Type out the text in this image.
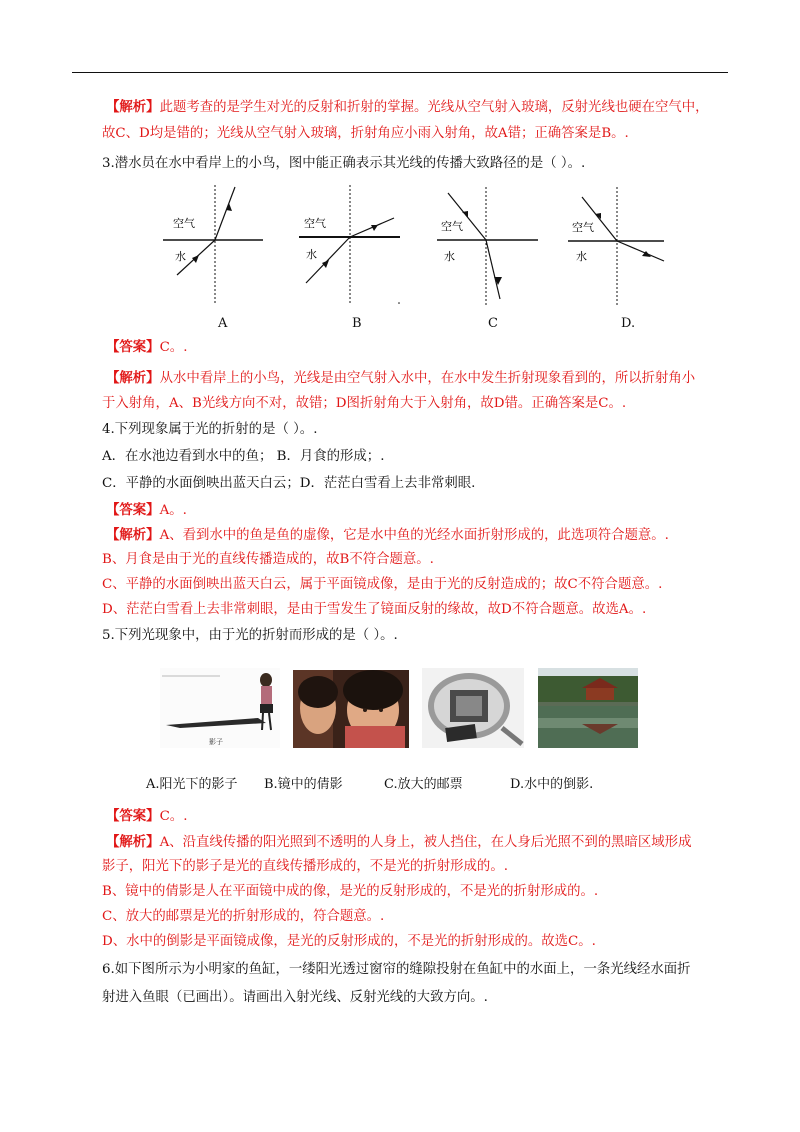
【解析】此题考查的是学生对光的反射和折射的掌握。光线从空气射入玻璃，反射光线也硬在空气中，
故C、D均是错的；光线从空气射入玻璃，折射角应小雨入射角，故A错；正确答案是B。.
3.潜水员在水中看岸上的小鸟，图中能正确表示其光线的传播大致路径的是（ ）。.
空气
水
A
空气
水
B
空气
水
C
空气
水
D.
【答案】C。.
【解析】从水中看岸上的小鸟，光线是由空气射入水中，在水中发生折射现象看到的，所以折射角小
于入射角，A、B光线方向不对，故错；D图折射角大于入射角，故D错。正确答案是C。.
4.下列现象属于光的折射的是（ ）。.
A．在水池边看到水中的鱼； B．月食的形成；.
C．平静的水面倒映出蓝天白云；D．茫茫白雪看上去非常刺眼.
【答案】A。.
【解析】A、看到水中的鱼是鱼的虚像，它是水中鱼的光经水面折射形成的，此选项符合题意。.
B、月食是由于光的直线传播造成的，故B不符合题意。.
C、平静的水面倒映出蓝天白云，属于平面镜成像，是由于光的反射造成的；故C不符合题意。.
D、茫茫白雪看上去非常刺眼，是由于雪发生了镜面反射的缘故，故D不符合题意。故选A。.
5.下列光现象中，由于光的折射而形成的是（ ）。.
影子
A.阳光下的影子 B.镜中的倩影	C.放大的邮票	D.水中的倒影.
【答案】C。.
【解析】A、沿直线传播的阳光照到不透明的人身上，被人挡住，在人身后光照不到的黑暗区域形成
影子，阳光下的影子是光的直线传播形成的，不是光的折射形成的。.
B、镜中的倩影是人在平面镜中成的像，是光的反射形成的，不是光的折射形成的。.
C、放大的邮票是光的折射形成的，符合题意。.
D、水中的倒影是平面镜成像，是光的反射形成的，不是光的折射形成的。故选C。.
6.如下图所示为小明家的鱼缸，一缕阳光透过窗帘的缝隙投射在鱼缸中的水面上，一条光线经水面折
射进入鱼眼（已画出）。请画出入射光线、反射光线的大致方向。.
